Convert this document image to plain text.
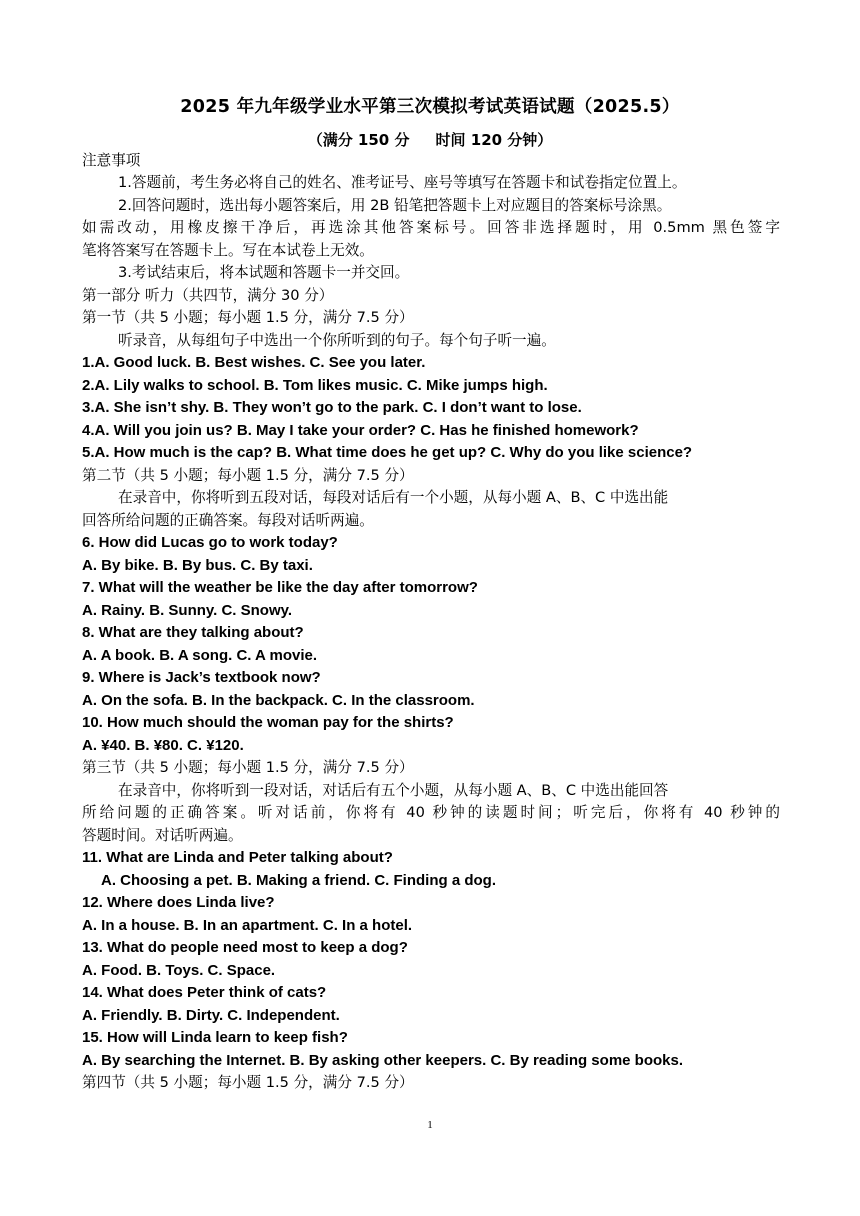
2025 年九年级学业水平第三次模拟考试英语试题（2025.5）
（满分 150 分     时间 120 分钟）
注意事项
1.答题前，考生务必将自己的姓名、准考证号、座号等填写在答题卡和试卷指定位置上。
2.回答问题时，选出每小题答案后，用 2B 铅笔把答题卡上对应题目的答案标号涂黑。
如需改动，用橡皮擦干净后，再选涂其他答案标号。回答非选择题时，用 0.5mm 黑色签字
笔将答案写在答题卡上。写在本试卷上无效。
3.考试结束后，将本试题和答题卡一并交回。
第一部分 听力（共四节，满分 30 分）
第一节（共 5 小题；每小题 1.5 分，满分 7.5 分）
听录音，从每组句子中选出一个你所听到的句子。每个句子听一遍。
1.A. Good luck. B. Best wishes. C. See you later.
2.A. Lily walks to school. B. Tom likes music. C. Mike jumps high.
3.A. She isn’t shy. B. They won’t go to the park. C. I don’t want to lose.
4.A. Will you join us? B. May I take your order? C. Has he finished homework?
5.A. How much is the cap? B. What time does he get up? C. Why do you like science?
第二节（共 5 小题；每小题 1.5 分，满分 7.5 分）
在录音中，你将听到五段对话，每段对话后有一个小题，从每小题 A、B、C 中选出能
回答所给问题的正确答案。每段对话听两遍。
6. How did Lucas go to work today?
A. By bike. B. By bus. C. By taxi.
7. What will the weather be like the day after tomorrow?
A. Rainy. B. Sunny. C. Snowy.
8. What are they talking about?
A. A book. B. A song. C. A movie.
9. Where is Jack’s textbook now?
A. On the sofa. B. In the backpack. C. In the classroom.
10. How much should the woman pay for the shirts?
A. ¥40. B. ¥80. C. ¥120.
第三节（共 5 小题；每小题 1.5 分，满分 7.5 分）
在录音中，你将听到一段对话，对话后有五个小题，从每小题 A、B、C 中选出能回答
所给问题的正确答案。听对话前，你将有 40 秒钟的读题时间；听完后，你将有 40 秒钟的
答题时间。对话听两遍。
11. What are Linda and Peter talking about?
A. Choosing a pet. B. Making a friend. C. Finding a dog.
12. Where does Linda live?
A. In a house. B. In an apartment. C. In a hotel.
13. What do people need most to keep a dog?
A. Food. B. Toys. C. Space.
14. What does Peter think of cats?
A. Friendly. B. Dirty. C. Independent.
15. How will Linda learn to keep fish?
A. By searching the Internet. B. By asking other keepers. C. By reading some books.
第四节（共 5 小题；每小题 1.5 分，满分 7.5 分）
1
